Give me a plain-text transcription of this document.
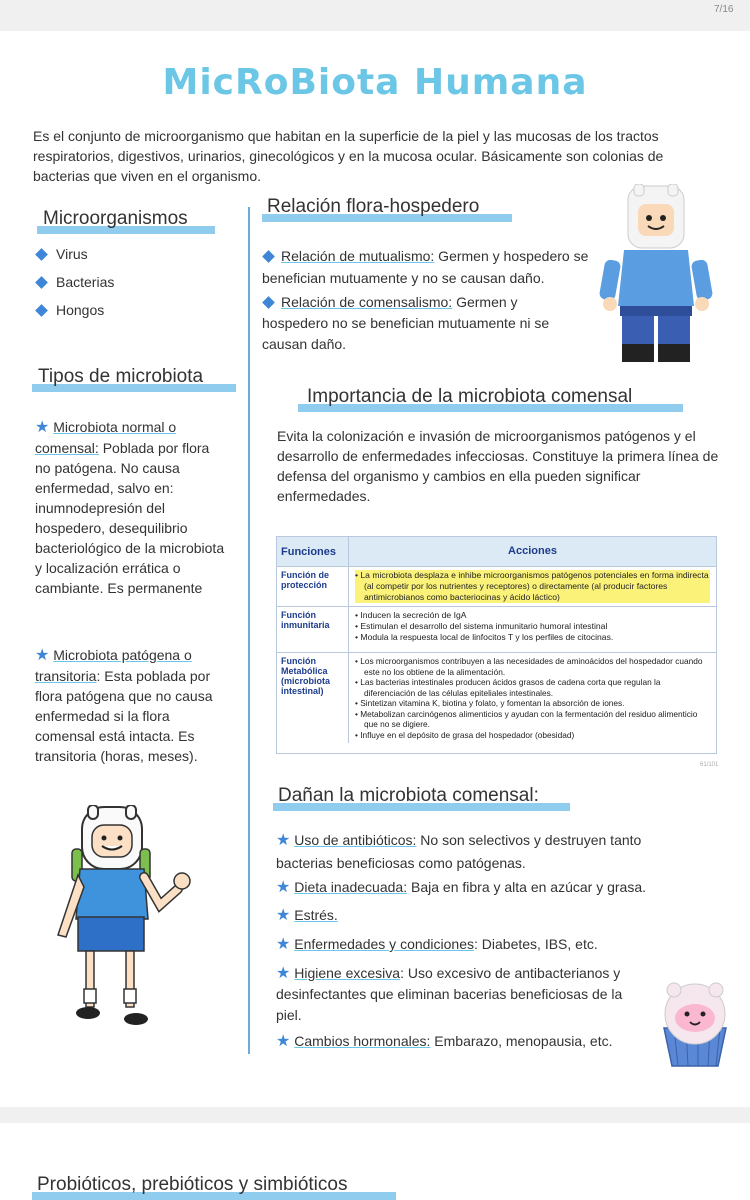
7/16
MicRoBiota Humana
Es el conjunto de microorganismo que habitan en la superficie de la piel y las mucosas de los tractos respiratorios, digestivos, urinarios, ginecológicos y en la mucosa ocular. Básicamente son colonias de bacterias que viven en el organismo.
Microorganismos
Virus
Bacterias
Hongos
Tipos de microbiota
★ Microbiota normal o comensal: Poblada por flora no patógena. No causa enfermedad, salvo en: inumnodepresión del hospedero, desequilibrio bacteriológico de la microbiota y localización errática o cambiante. Es permanente
★ Microbiota patógena o transitoria: Esta poblada por flora patógena que no causa enfermedad si la flora comensal está intacta. Es transitoria (horas, meses).
Relación flora-hospedero
Relación de mutualismo: Germen y hospedero se benefician mutuamente y no se causan daño.
Relación de comensalismo: Germen y hospedero no se benefician mutuamente ni se causan daño.
Importancia de la microbiota comensal
Evita la colonización e invasión de microorganismos patógenos y el desarrollo de enfermedades infecciosas. Constituye la primera línea de defensa del organismo y cambios en ella pueden significar enfermedades.
Funciones	Acciones
Función de protección
• La microbiota desplaza e inhibe microorganismos patógenos potenciales en forma indirecta (al competir por los nutrientes y receptores) o directamente (al producir factores antimicrobianos como bacteriocinas y ácido láctico)
Función inmunitaria
• Inducen la secreción de IgA
• Estimulan el desarrollo del sistema inmunitario humoral intestinal
• Modula la respuesta local de linfocitos T y los perfiles de citocinas.
Función Metabólica (microbiota intestinal)
• Los microorganismos contribuyen a las necesidades de aminoácidos del hospedador cuando este no los obtiene de la alimentación.
• Las bacterias intestinales producen ácidos grasos de cadena corta que regulan la diferenciación de las células epiteliales intestinales.
• Sintetizan vitamina K, biotina y folato, y fomentan la absorción de iones.
• Metabolizan carcinógenos alimenticios y ayudan con la fermentación del residuo alimenticio que no se digiere.
• Influye en el depósito de grasa del hospedador (obesidad)
61/101
Dañan la microbiota comensal:
★ Uso de antibióticos: No son selectivos y destruyen tanto bacterias beneficiosas como patógenas.
★ Dieta inadecuada: Baja en fibra y alta en azúcar y grasa.
★ Estrés.
★ Enfermedades y condiciones: Diabetes, IBS, etc.
★ Higiene excesiva: Uso excesivo de antibacterianos y desinfectantes que eliminan bacerias beneficiosas de la piel.
★ Cambios hormonales: Embarazo, menopausia, etc.
Probióticos, prebióticos y simbióticos
